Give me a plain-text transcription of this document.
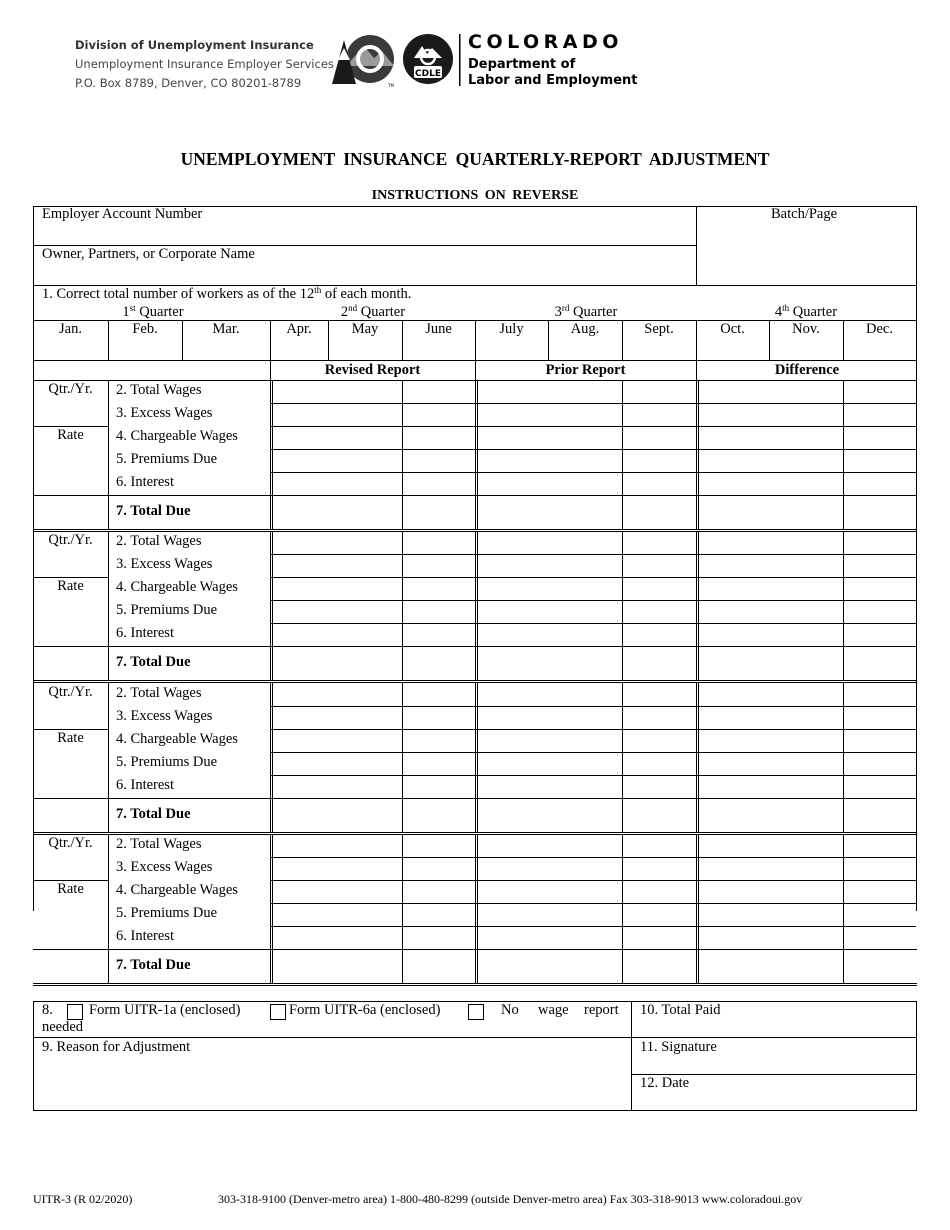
Division of Unemployment Insurance
Unemployment Insurance Employer Services
P.O. Box 8789, Denver, CO 80201-8789
CDLE
TM
COLORADO
Department of
Labor and Employment
UNEMPLOYMENT INSURANCE QUARTERLY-REPORT ADJUSTMENT
INSTRUCTIONS ON REVERSE
Employer Account Number
Owner, Partners, or Corporate Name
Batch/Page
1. Correct total number of workers as of the 12th of each month.
1st Quarter	2nd Quarter	3rd Quarter	4th Quarter
Jan.	Feb.	Mar.	Apr.	May	June	July	Aug.	Sept.	Oct.	Nov.	Dec.
Revised Report	Prior Report	Difference
Qtr./Yr.
Rate
2. Total Wages
3. Excess Wages
4. Chargeable Wages
5. Premiums Due
6. Interest
7. Total Due
Qtr./Yr.
Rate
2. Total Wages
3. Excess Wages
4. Chargeable Wages
5. Premiums Due
6. Interest
7. Total Due
Qtr./Yr.
Rate
2. Total Wages
3. Excess Wages
4. Chargeable Wages
5. Premiums Due
6. Interest
7. Total Due
Qtr./Yr.
Rate
2. Total Wages
3. Excess Wages
4. Chargeable Wages
5. Premiums Due
6. Interest
7. Total Due
8. Form UITR-1a (enclosed)	Form UITR-6a (enclosed)	No wage report
needed
9. Reason for Adjustment
10. Total Paid
11. Signature
12. Date
UITR-3 (R 02/2020)	303-318-9100 (Denver-metro area) 1-800-480-8299 (outside Denver-metro area) Fax 303-318-9013 www.coloradoui.gov
